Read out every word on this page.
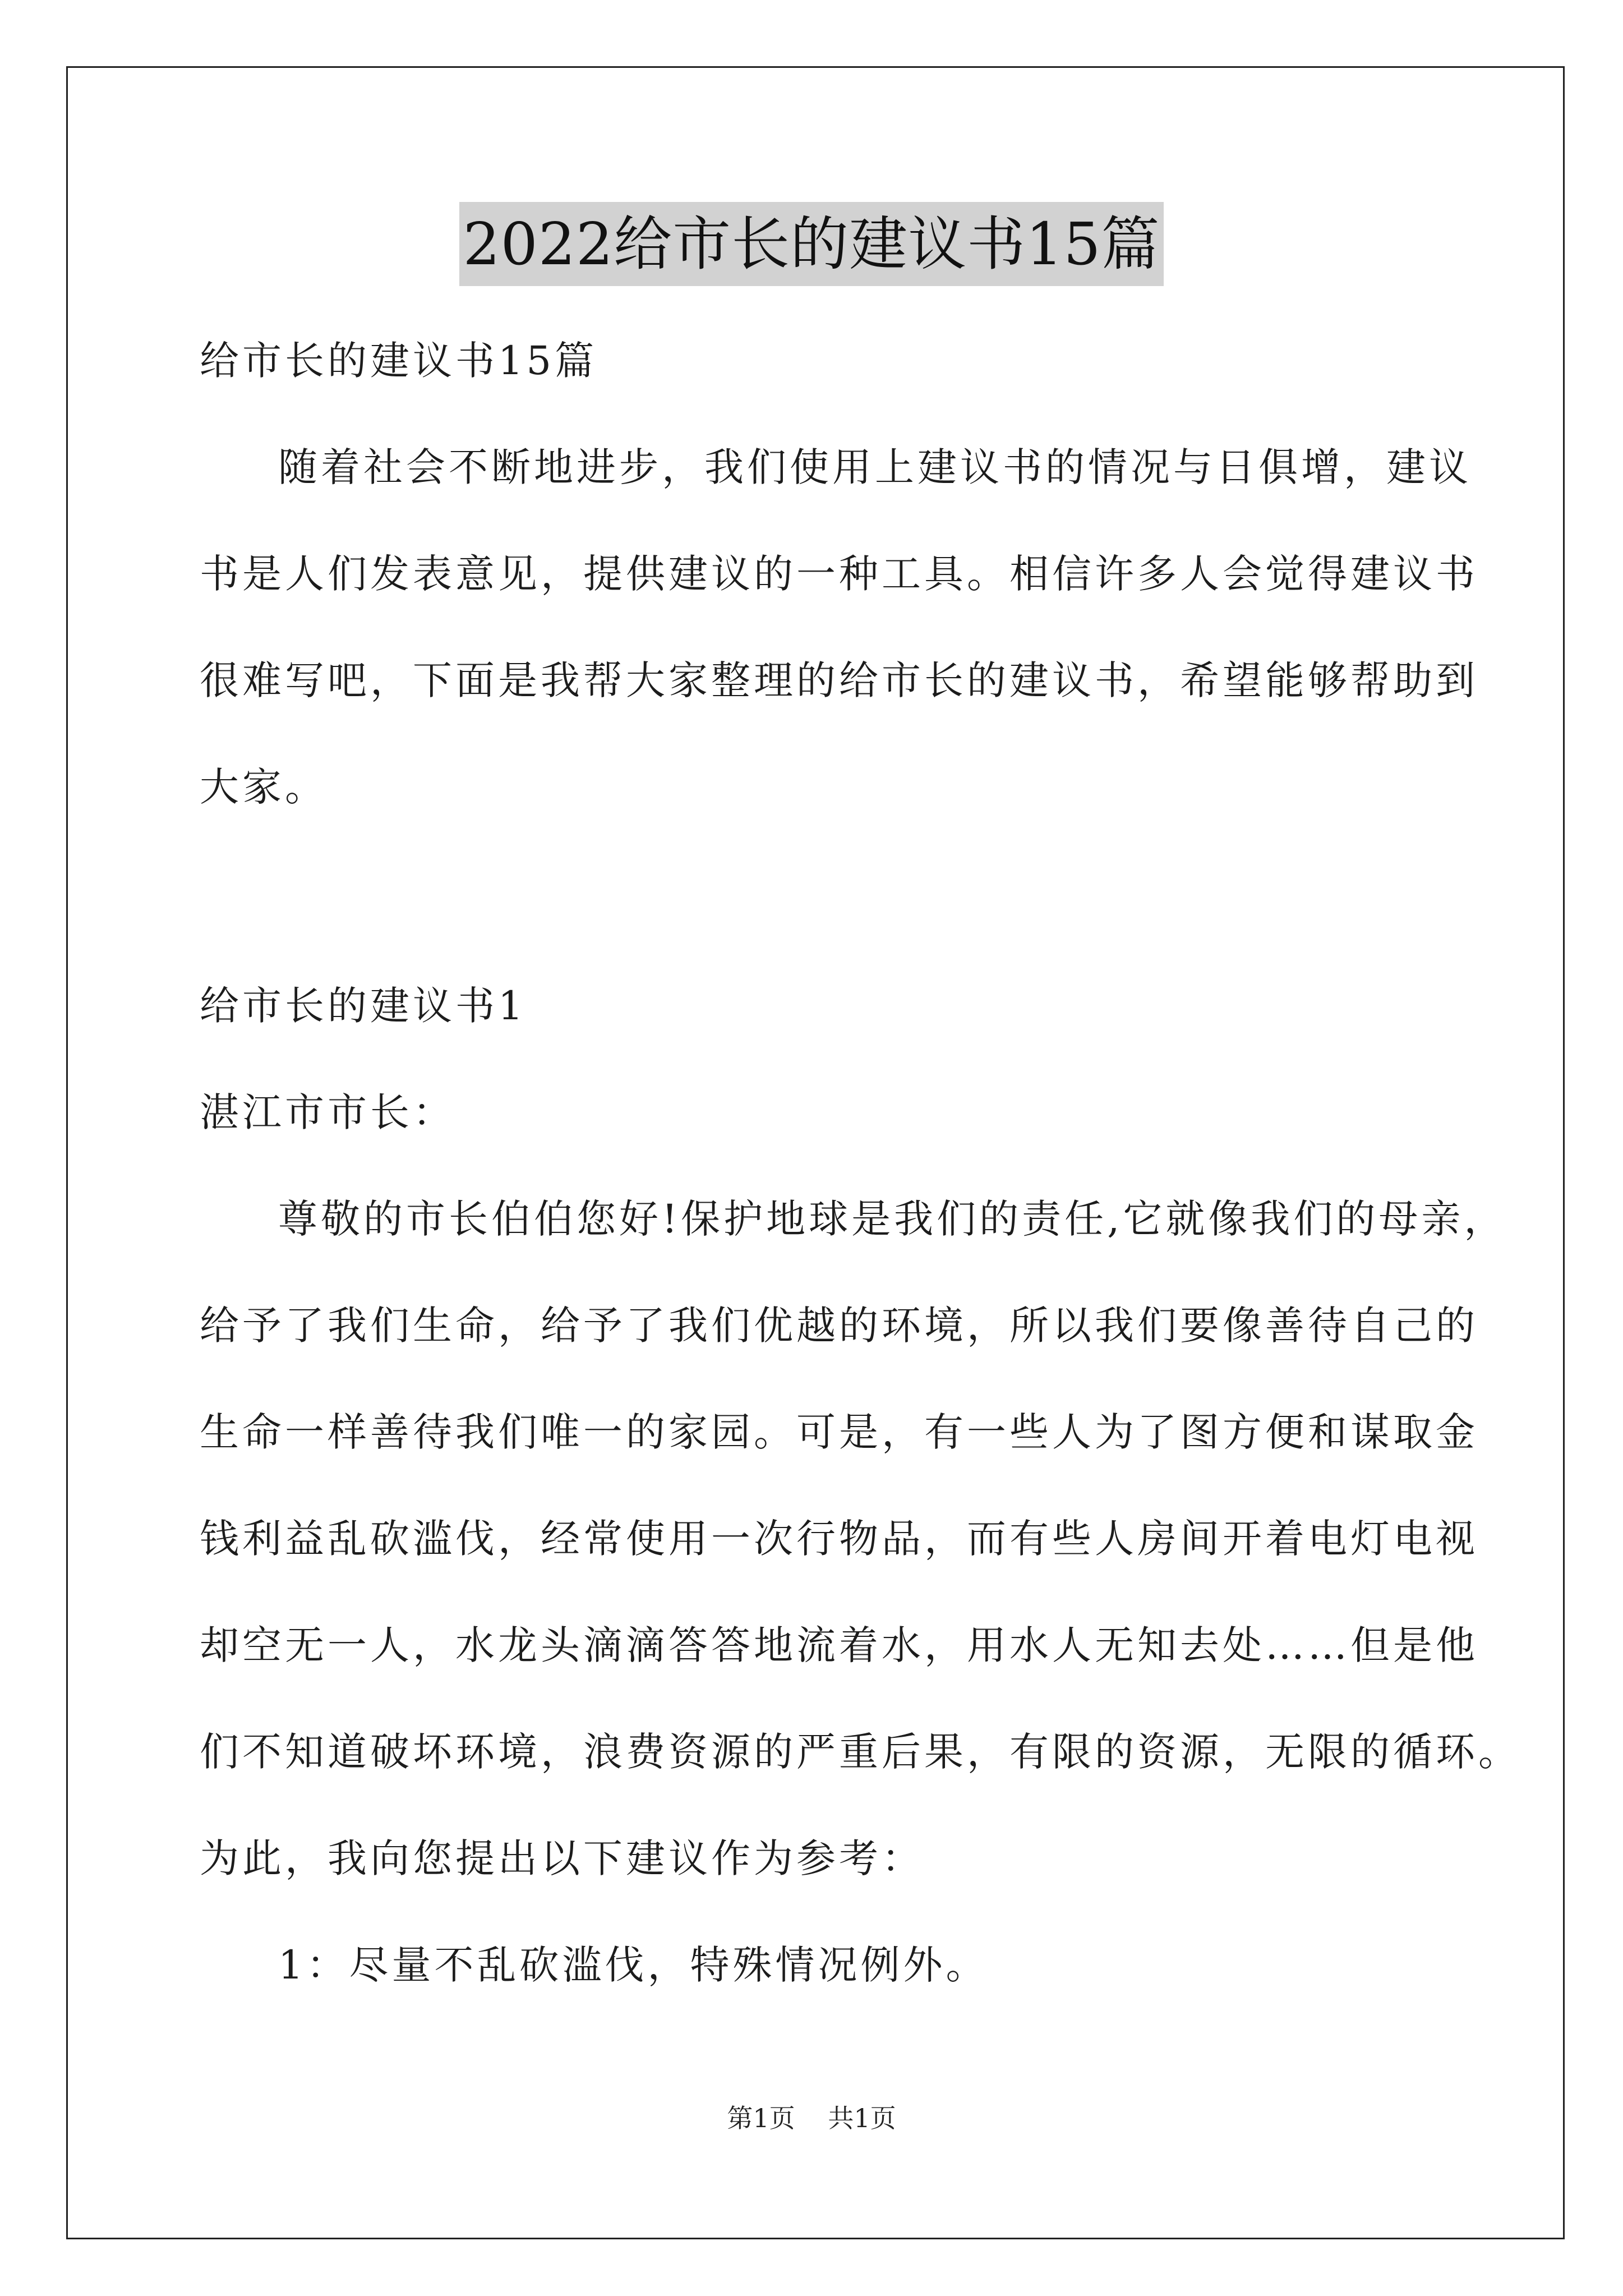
2022给市长的建议书15篇
给市长的建议书15篇
随着社会不断地进步，我们使用上建议书的情况与日俱增，建议
书是人们发表意见，提供建议的一种工具。相信许多人会觉得建议书
很难写吧，下面是我帮大家整理的给市长的建议书，希望能够帮助到
大家。
给市长的建议书1
湛江市市长：
尊敬的市长伯伯您好!保护地球是我们的责任,它就像我们的母亲，
给予了我们生命，给予了我们优越的环境，所以我们要像善待自己的
生命一样善待我们唯一的家园。可是，有一些人为了图方便和谋取金
钱利益乱砍滥伐，经常使用一次行物品，而有些人房间开着电灯电视
却空无一人，水龙头滴滴答答地流着水，用水人无知去处……但是他
们不知道破坏环境，浪费资源的严重后果，有限的资源，无限的循环。
为此，我向您提出以下建议作为参考：
1：尽量不乱砍滥伐，特殊情况例外。
第1页 共1页
